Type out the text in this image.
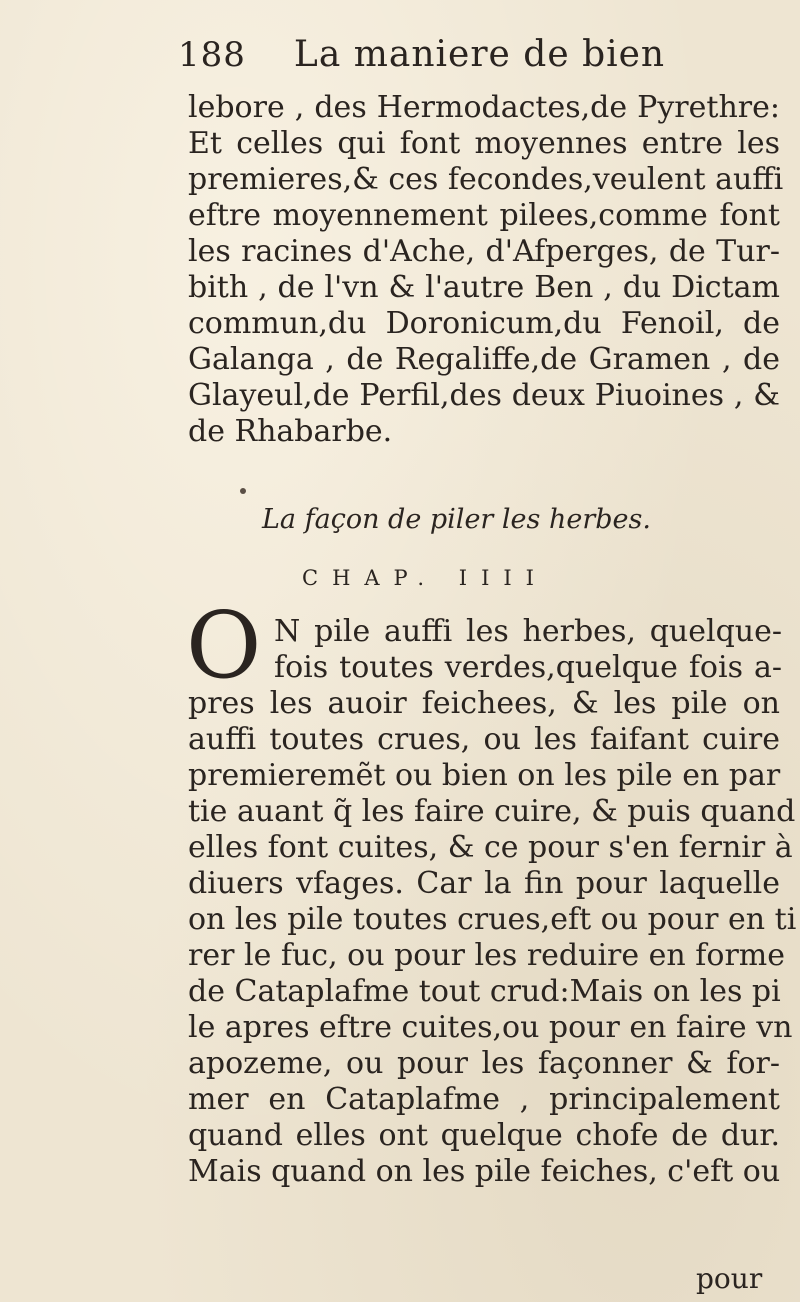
188 La maniere de bien
lebore , des Hermodactes,de Pyrethre:
Et celles qui font moyennes entre les
premieres,& ces fecondes,veulent auffi
eftre moyennement pilees,comme font
les racines d'Ache, d'Afperges, de Tur-
bith , de l'vn & l'autre Ben , du Dictam
commun,du Doronicum,du Fenoil, de
Galanga , de Regaliffe,de Gramen , de
Glayeul,de Perfil,des deux Piuoines , &
de Rhabarbe.
La façon de piler les herbes.
CHAP. IIII
O N pile auffi les herbes, quelque-
fois toutes verdes,quelque fois a-
pres les auoir feichees, & les pile on
auffi toutes crues, ou les faifant cuire
premieremẽt ou bien on les pile en par
tie auant q̃ les faire cuire, & puis quand
elles font cuites, & ce pour s'en fernir à
diuers vfages. Car la fin pour laquelle
on les pile toutes crues,eft ou pour en ti
rer le fuc, ou pour les reduire en forme
de Cataplafme tout crud:Mais on les pi
le apres eftre cuites,ou pour en faire vn
apozeme, ou pour les façonner & for-
mer en Cataplafme , principalement
quand elles ont quelque chofe de dur.
Mais quand on les pile feiches, c'eft ou
pour
